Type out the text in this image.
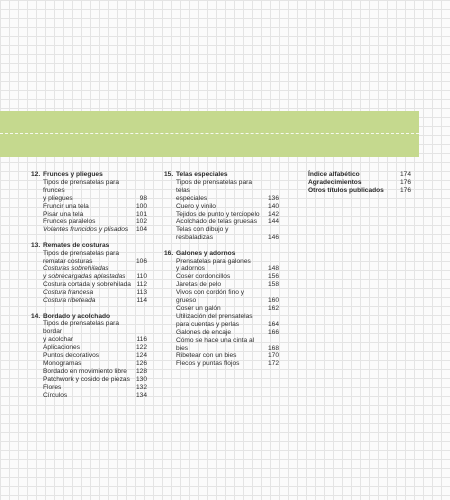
12. Frunces y pliegues
Tipos de prensatelas para frunces
y pliegues	98
Fruncir una tela	100
Pisar una tela	101
Frunces paralelos	102
Volantes fruncidos y plisados	104
13. Remates de costuras
Tipos de prensatelas para
rematar costuras	106
Costuras sobrehiladas
y sobrecargadas aplastadas	110
Costura cortada y sobrehilada 112
Costura francesa	113
Costura ribeteada	114
14. Bordado y acolchado
Tipos de prensatelas para bordar
y acolchar	116
Aplicaciones	122
Puntos decorativos	124
Monogramas	126
Bordado en movimiento libre	128
Patchwork y cosido de piezas 130
Flores	132
Círculos	134
15. Telas especiales
Tipos de prensatelas para telas
especiales	136
Cuero y vinilo	140
Tejidos de punto y terciopelo	142
Acolchado de telas gruesas	144
Telas con dibujo y resbaladizas	146
16. Galones y adornos
Prensatelas para galones
y adornos	148
Coser cordoncillos	156
Jaretas de pelo	158
Vivos con cordón fino y grueso	160
Coser un galón	162
Utilización del prensatelas
para cuentas y perlas	164
Galones de encaje	166
Cómo se hace una cinta al bies	168
Ribetear con un bies	170
Flecos y puntas flojos	172
Índice alfabético	174
Agradecimientos	176
Otros títulos publicados	176
